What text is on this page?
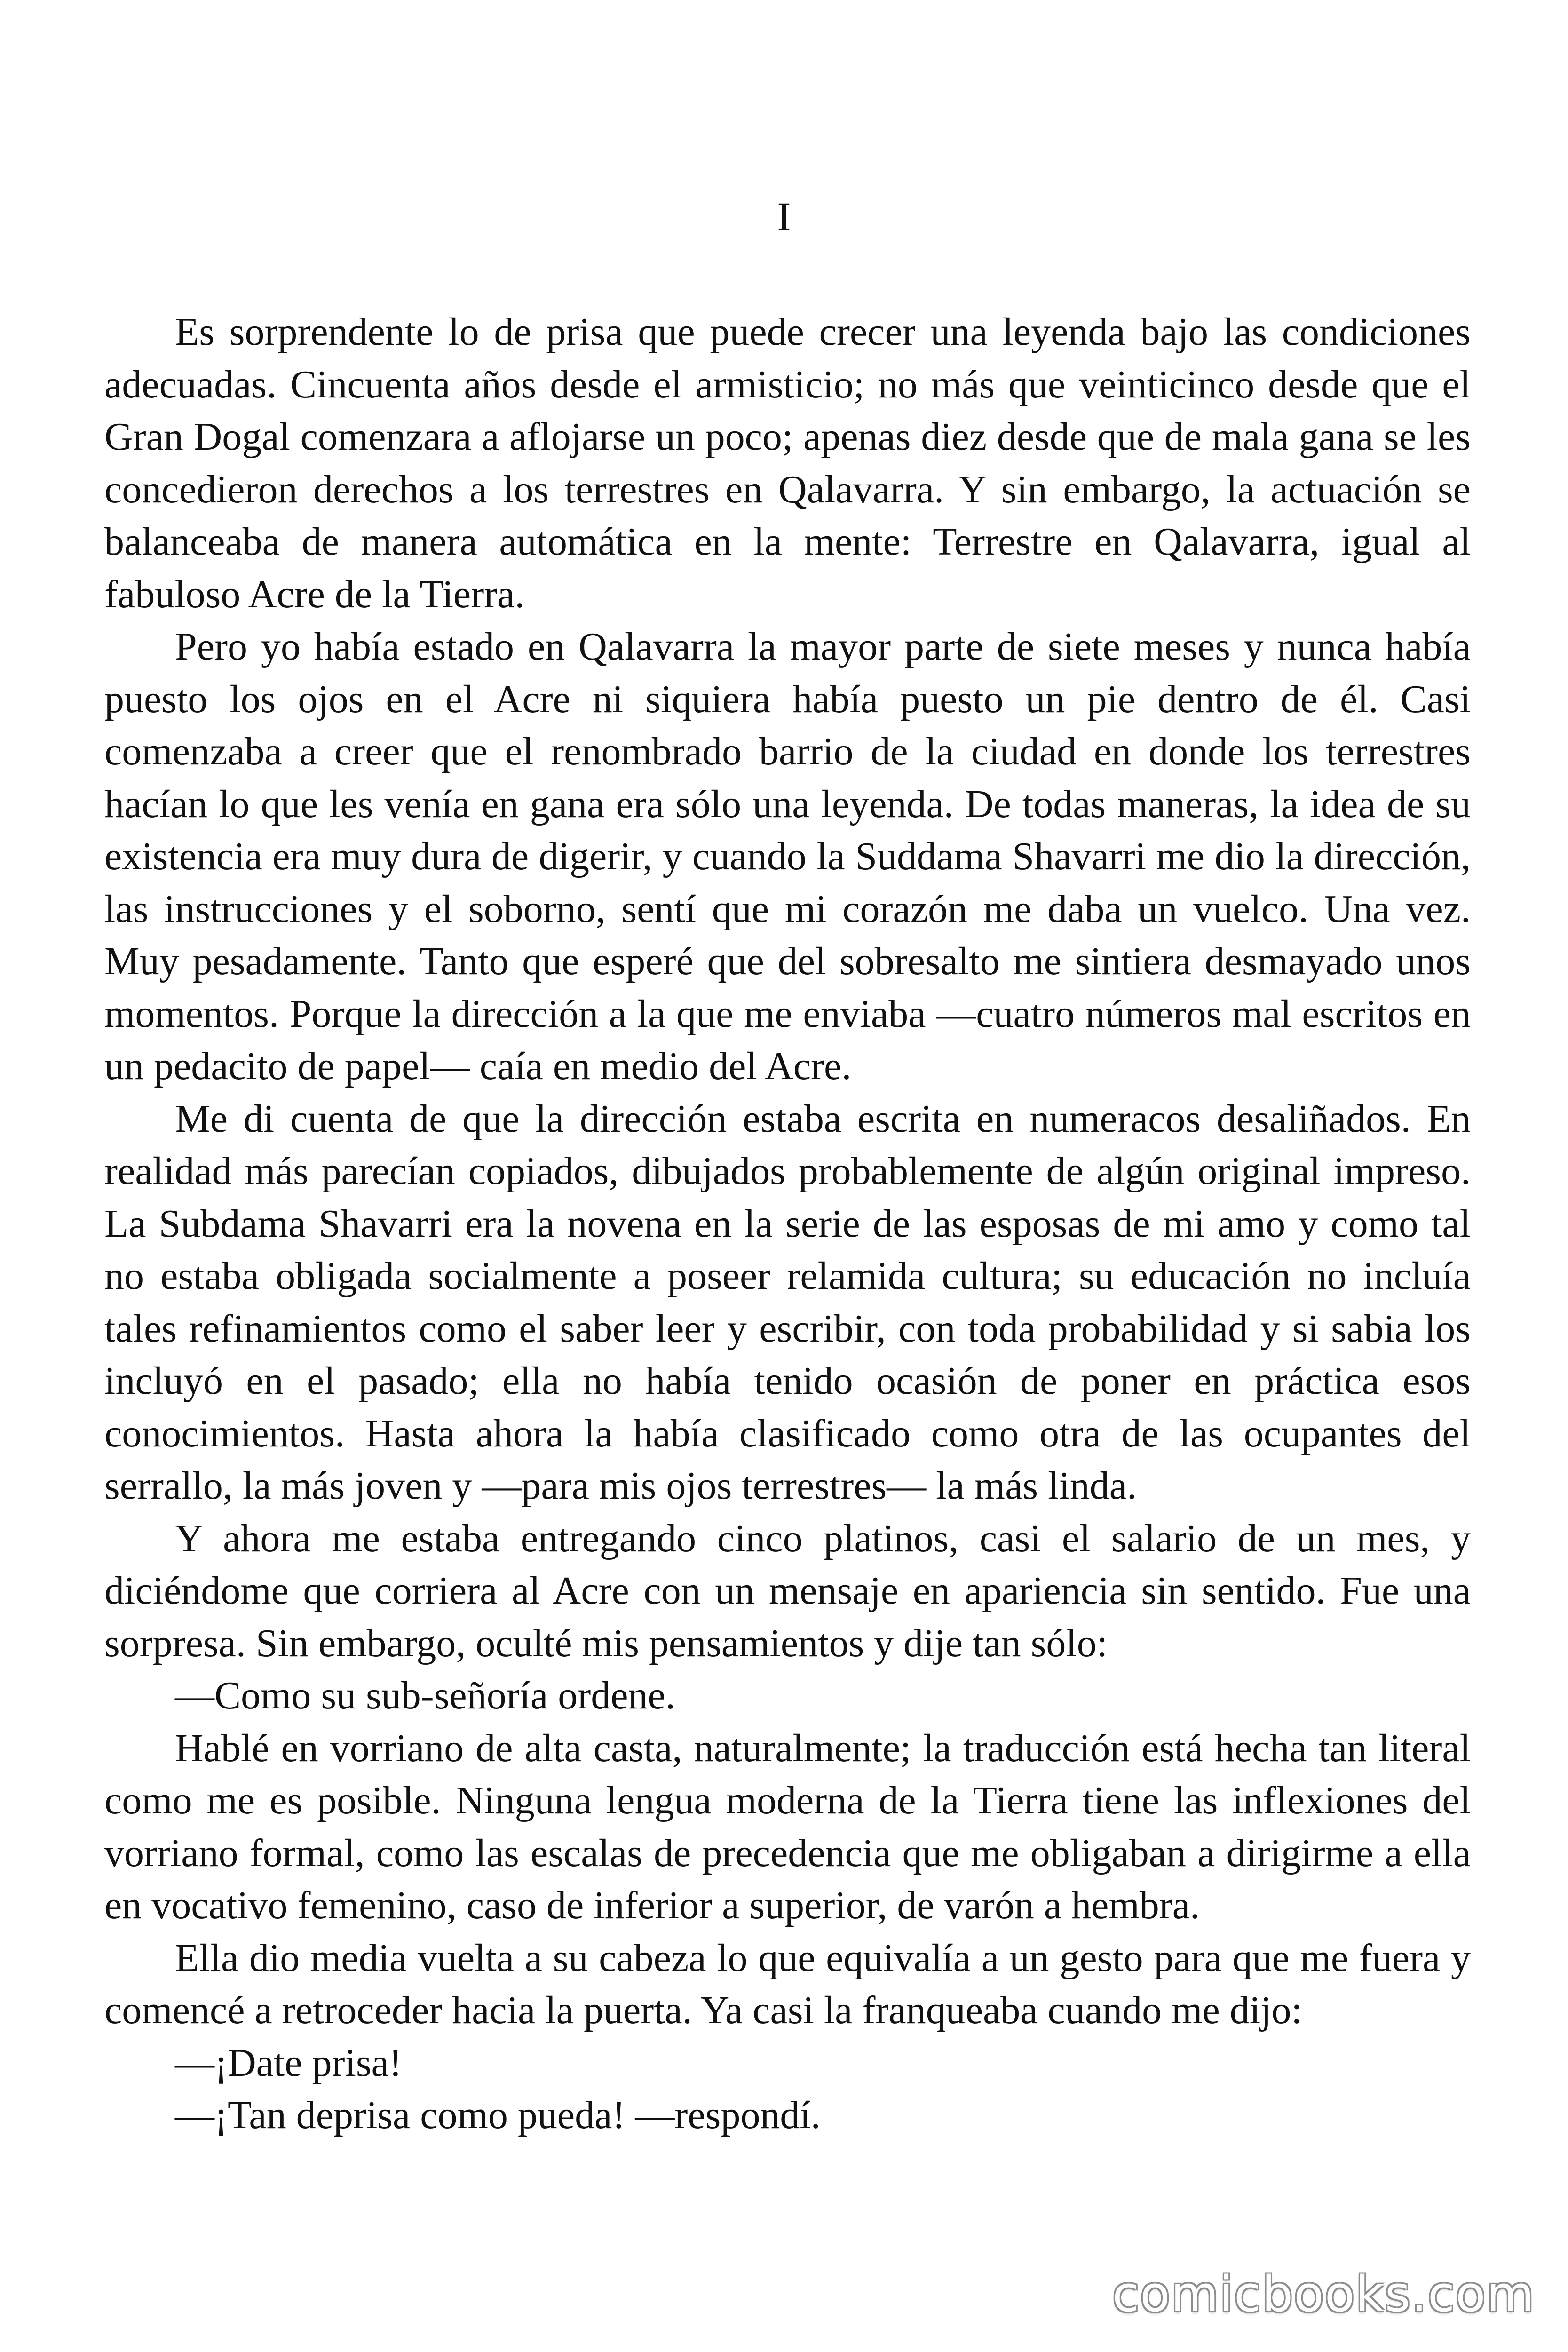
I

Es sorprendente lo de prisa que puede crecer una leyenda bajo las condiciones adecuadas. Cincuenta años desde el armisticio; no más que veinticinco desde que el Gran Dogal comenzara a aflojarse un poco; apenas diez desde que de mala gana se les concedieron derechos a los terrestres en Qalavarra. Y sin embargo, la actuación se balanceaba de manera automática en la mente: Terrestre en Qalavarra, igual al fabuloso Acre de la Tierra.

Pero yo había estado en Qalavarra la mayor parte de siete meses y nunca había puesto los ojos en el Acre ni siquiera había puesto un pie dentro de él. Casi comenzaba a creer que el renombrado barrio de la ciudad en donde los terrestres hacían lo que les venía en gana era sólo una leyenda. De todas maneras, la idea de su existencia era muy dura de digerir, y cuando la Suddama Shavarri me dio la dirección, las instrucciones y el soborno, sentí que mi corazón me daba un vuelco. Una vez. Muy pesadamente. Tanto que esperé que del sobresalto me sintiera desmayado unos momentos. Porque la dirección a la que me enviaba —cuatro números mal escritos en un pedacito de papel— caía en medio del Acre.

Me di cuenta de que la dirección estaba escrita en numeracos desaliñados. En realidad más parecían copiados, dibujados probablemente de algún original impreso. La Subdama Shavarri era la novena en la serie de las esposas de mi amo y como tal no estaba obligada socialmente a poseer relamida cultura; su educación no incluía tales refinamientos como el saber leer y escribir, con toda probabilidad y si sabia los incluyó en el pasado; ella no había tenido ocasión de poner en práctica esos conocimientos. Hasta ahora la había clasificado como otra de las ocupantes del serrallo, la más joven y —para mis ojos terrestres— la más linda.

Y ahora me estaba entregando cinco platinos, casi el salario de un mes, y diciéndome que corriera al Acre con un mensaje en apariencia sin sentido. Fue una sorpresa. Sin embargo, oculté mis pensamientos y dije tan sólo:

—Como su sub-señoría ordene.

Hablé en vorriano de alta casta, naturalmente; la traducción está hecha tan literal como me es posible. Ninguna lengua moderna de la Tierra tiene las inflexiones del vorriano formal, como las escalas de precedencia que me obligaban a dirigirme a ella en vocativo femenino, caso de inferior a superior, de varón a hembra.

Ella dio media vuelta a su cabeza lo que equivalía a un gesto para que me fuera y comencé a retroceder hacia la puerta. Ya casi la franqueaba cuando me dijo:

—¡Date prisa!

—¡Tan deprisa como pueda! —respondí.

comicbooks.com
